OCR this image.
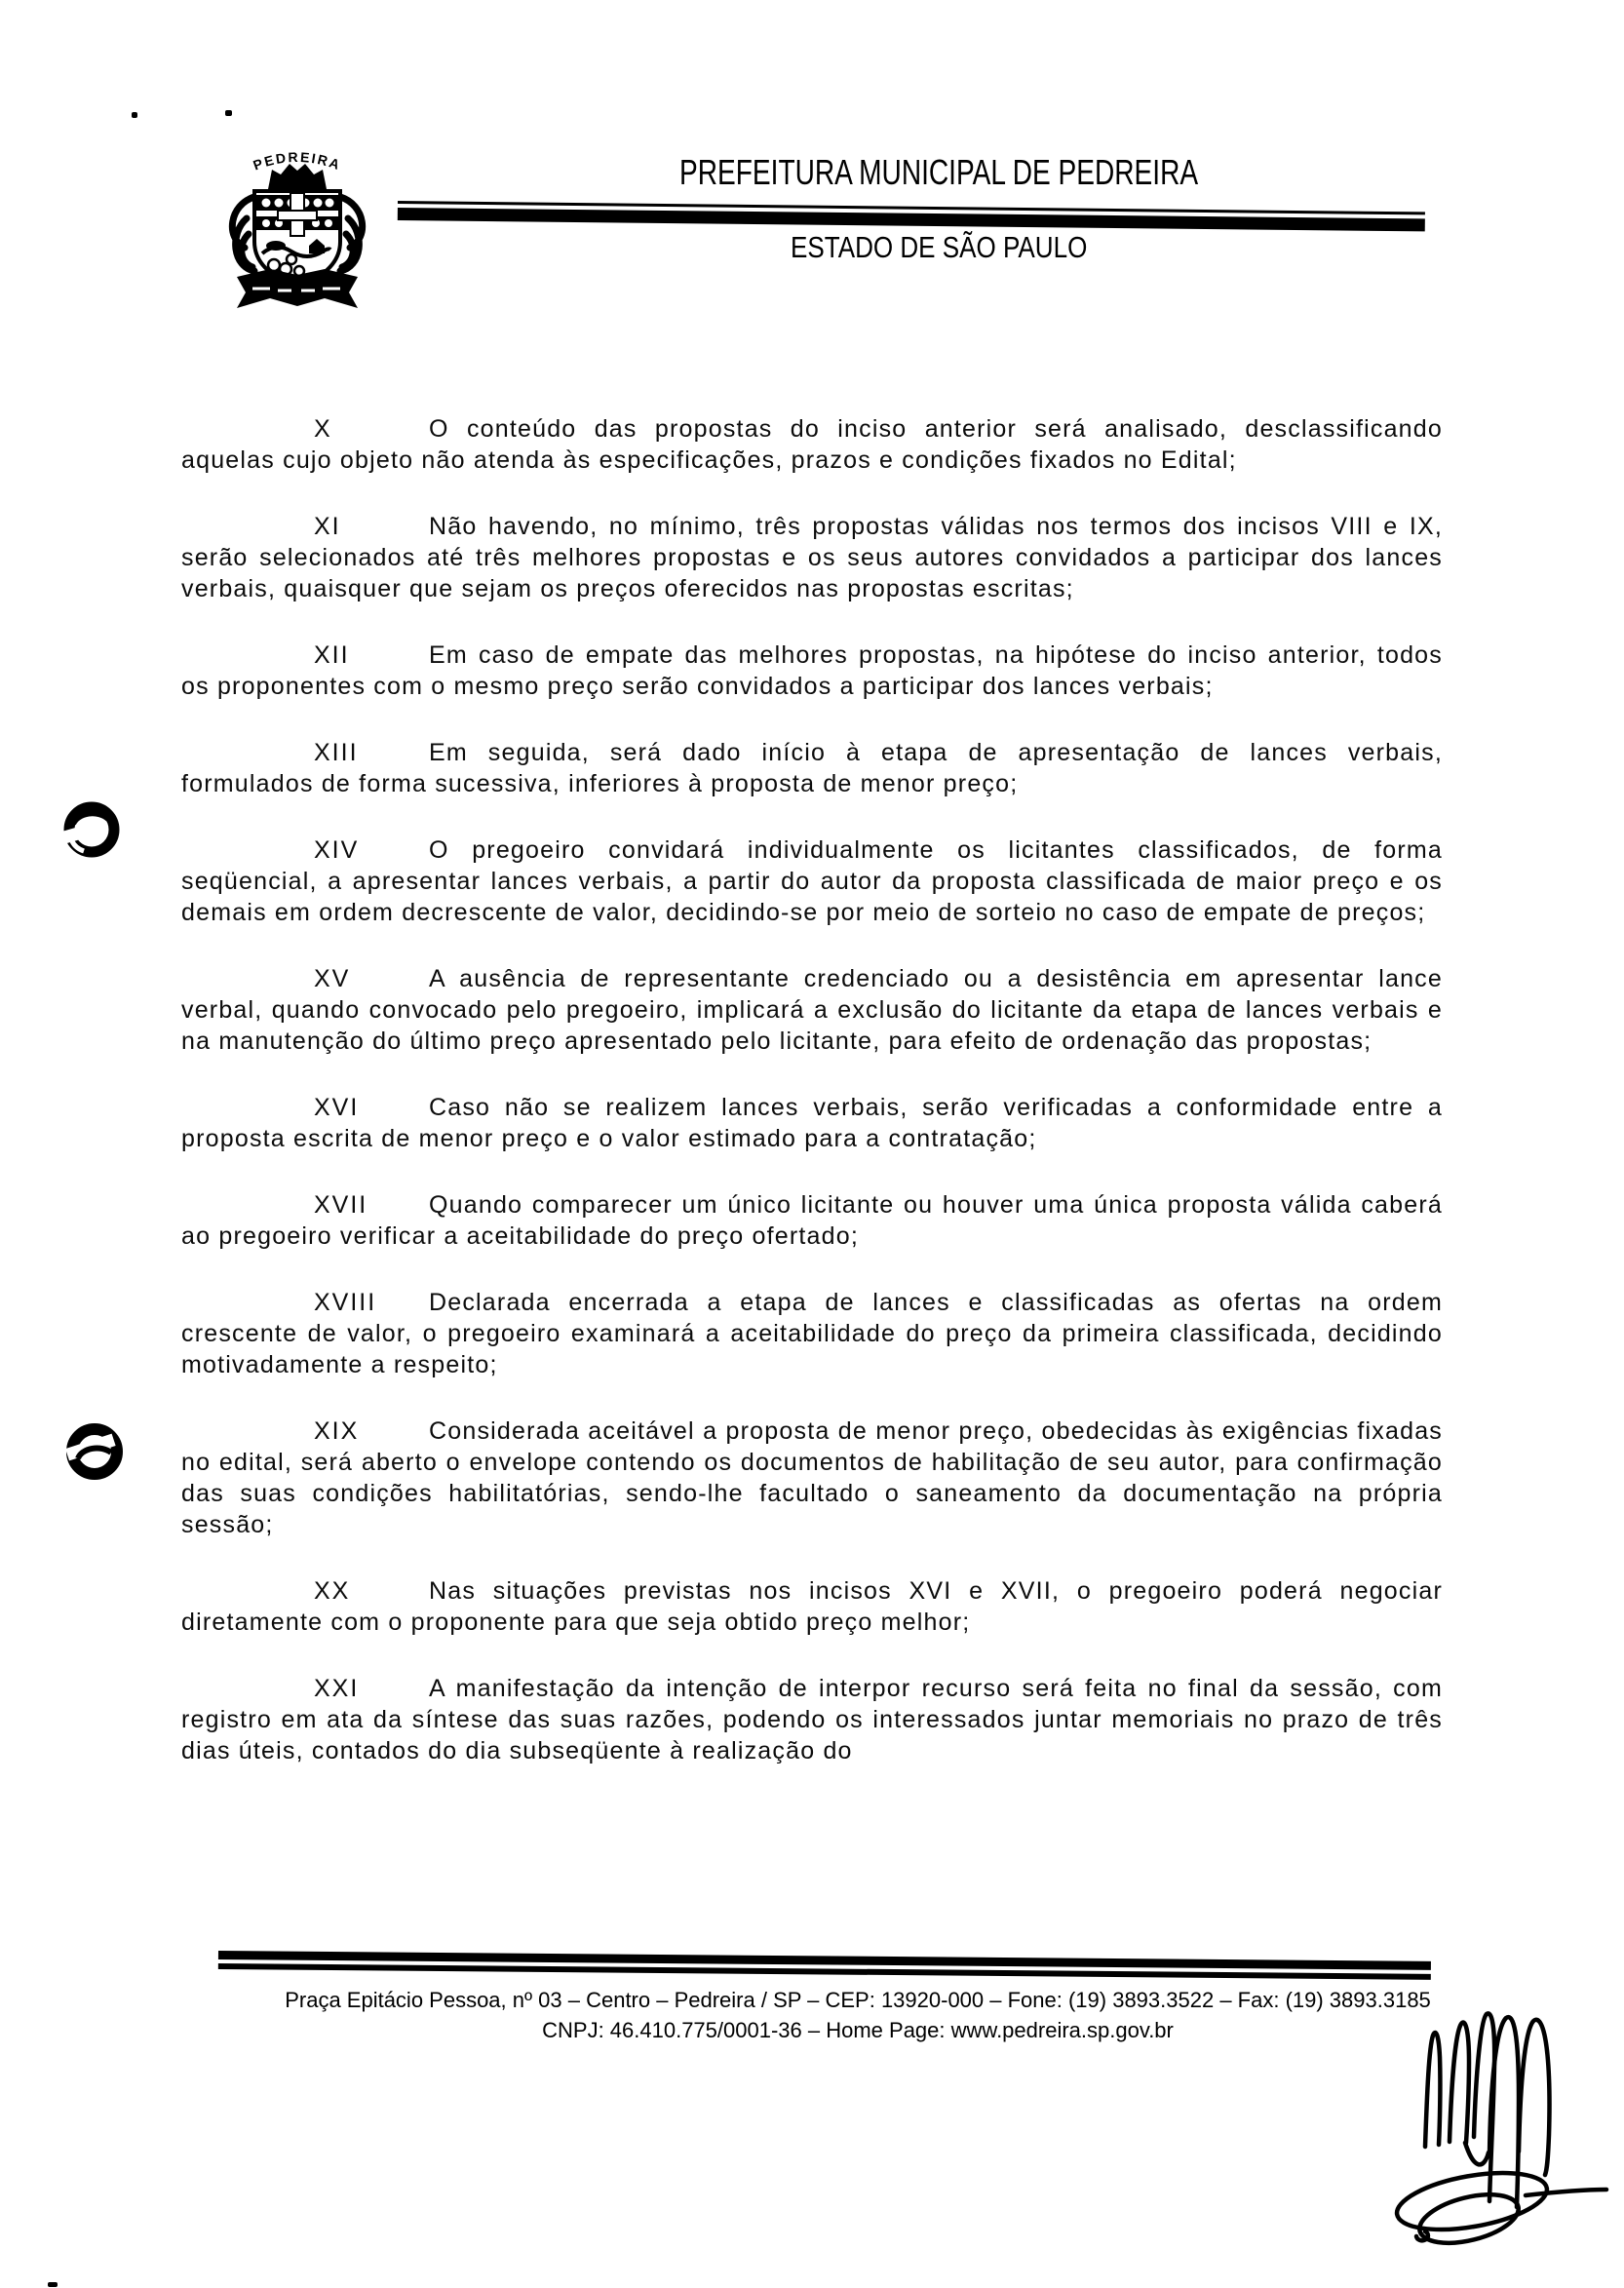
PEDREIRA	PREFEITURA MUNICIPAL DE PEDREIRA
ESTADO DE SÃO PAULO

X	O conteúdo das propostas do inciso anterior será analisado, desclassificando aquelas cujo objeto não atenda às especificações, prazos e condições fixados no Edital;

XI	Não havendo, no mínimo, três propostas válidas nos termos dos incisos VIII e IX, serão selecionados até três melhores propostas e os seus autores convidados a participar dos lances verbais, quaisquer que sejam os preços oferecidos nas propostas escritas;

XII	Em caso de empate das melhores propostas, na hipótese do inciso anterior, todos os proponentes com o mesmo preço serão convidados a participar dos lances verbais;

XIII	Em seguida, será dado início à etapa de apresentação de lances verbais, formulados de forma sucessiva, inferiores à proposta de menor preço;

XIV	O pregoeiro convidará individualmente os licitantes classificados, de forma seqüencial, a apresentar lances verbais, a partir do autor da proposta classificada de maior preço e os demais em ordem decrescente de valor, decidindo-se por meio de sorteio no caso de empate de preços;

XV	A ausência de representante credenciado ou a desistência em apresentar lance verbal, quando convocado pelo pregoeiro, implicará a exclusão do licitante da etapa de lances verbais e na manutenção do último preço apresentado pelo licitante, para efeito de ordenação das propostas;

XVI	Caso não se realizem lances verbais, serão verificadas a conformidade entre a proposta escrita de menor preço e o valor estimado para a contratação;

XVII	Quando comparecer um único licitante ou houver uma única proposta válida caberá ao pregoeiro verificar a aceitabilidade do preço ofertado;

XVIII Declarada encerrada a etapa de lances e classificadas as ofertas na ordem crescente de valor, o pregoeiro examinará a aceitabilidade do preço da primeira classificada, decidindo motivadamente a respeito;

XIX	Considerada aceitável a proposta de menor preço, obedecidas às exigências fixadas no edital, será aberto o envelope contendo os documentos de habilitação de seu autor, para confirmação das suas condições habilitatórias, sendo-lhe facultado o saneamento da documentação na própria sessão;

XX	Nas situações previstas nos incisos XVI e XVII, o pregoeiro poderá negociar diretamente com o proponente para que seja obtido preço melhor;

XXI	A manifestação da intenção de interpor recurso será feita no final da sessão, com registro em ata da síntese das suas razões, podendo os interessados juntar memoriais no prazo de três dias úteis, contados do dia subseqüente à realização do

Praça Epitácio Pessoa, nº 03 – Centro – Pedreira / SP – CEP: 13920-000 – Fone: (19) 3893.3522 – Fax: (19) 3893.3185
CNPJ: 46.410.775/0001-36 – Home Page: www.pedreira.sp.gov.br
